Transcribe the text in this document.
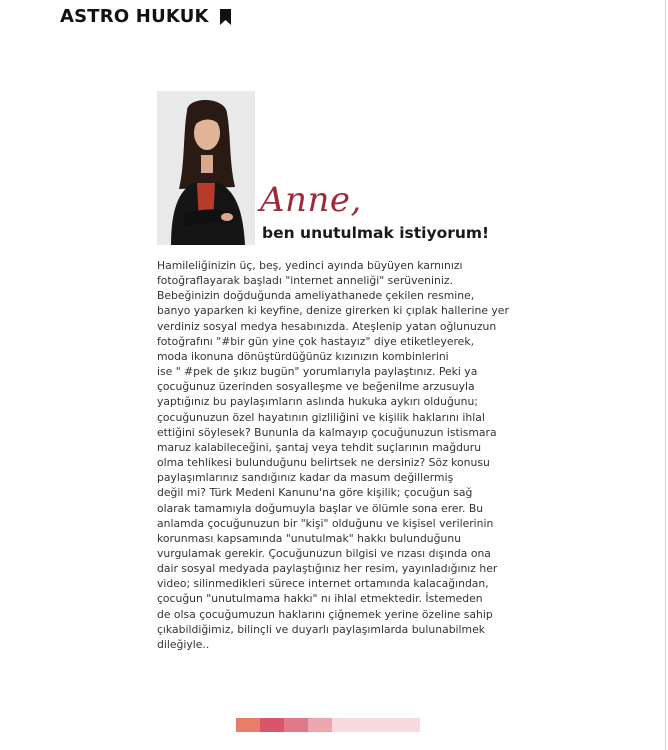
ASTRO HUKUK
Anne,
ben unutulmak istiyorum!
Hamileliğinizin üç, beş, yedinci ayında büyüyen karnınızı
fotoğraflayarak başladı "internet anneliği" serüveniniz.
Bebeğinizin doğduğunda ameliyathanede çekilen resmine,
banyo yaparken ki keyfine, denize girerken ki çıplak hallerine yer
verdiniz sosyal medya hesabınızda. Ateşlenip yatan oğlunuzun
fotoğrafını "#bir gün yine çok hastayız" diye etiketleyerek,
moda ikonuna dönüştürdüğünüz kızınızın kombinlerini
ise " #pek de şıkız bugün" yorumlarıyla paylaştınız. Peki ya
çocuğunuz üzerinden sosyalleşme ve beğenilme arzusuyla
yaptığınız bu paylaşımların aslında hukuka aykırı olduğunu;
çocuğunuzun özel hayatının gizliliğini ve kişilik haklarını ihlal
ettiğini söylesek? Bununla da kalmayıp çocuğunuzun istismara
maruz kalabileceğini, şantaj veya tehdit suçlarının mağduru
olma tehlikesi bulunduğunu belirtsek ne dersiniz? Söz konusu
paylaşımlarınız sandığınız kadar da masum değillermiş
değil mi? Türk Medeni Kanunu'na göre kişilik; çocuğun sağ
olarak tamamıyla doğumuyla başlar ve ölümle sona erer. Bu
anlamda çocuğunuzun bir "kişi" olduğunu ve kişisel verilerinin
korunması kapsamında "unutulmak" hakkı bulunduğunu
vurgulamak gerekir. Çocuğunuzun bilgisi ve rızası dışında ona
dair sosyal medyada paylaştığınız her resim, yayınladığınız her
video; silinmedikleri sürece internet ortamında kalacağından,
çocuğun "unutulmama hakkı" nı ihlal etmektedir. İstemeden
de olsa çocuğumuzun haklarını çiğnemek yerine özeline sahip
çıkabildiğimiz, bilinçli ve duyarlı paylaşımlarda bulunabilmek
dileğiyle..
